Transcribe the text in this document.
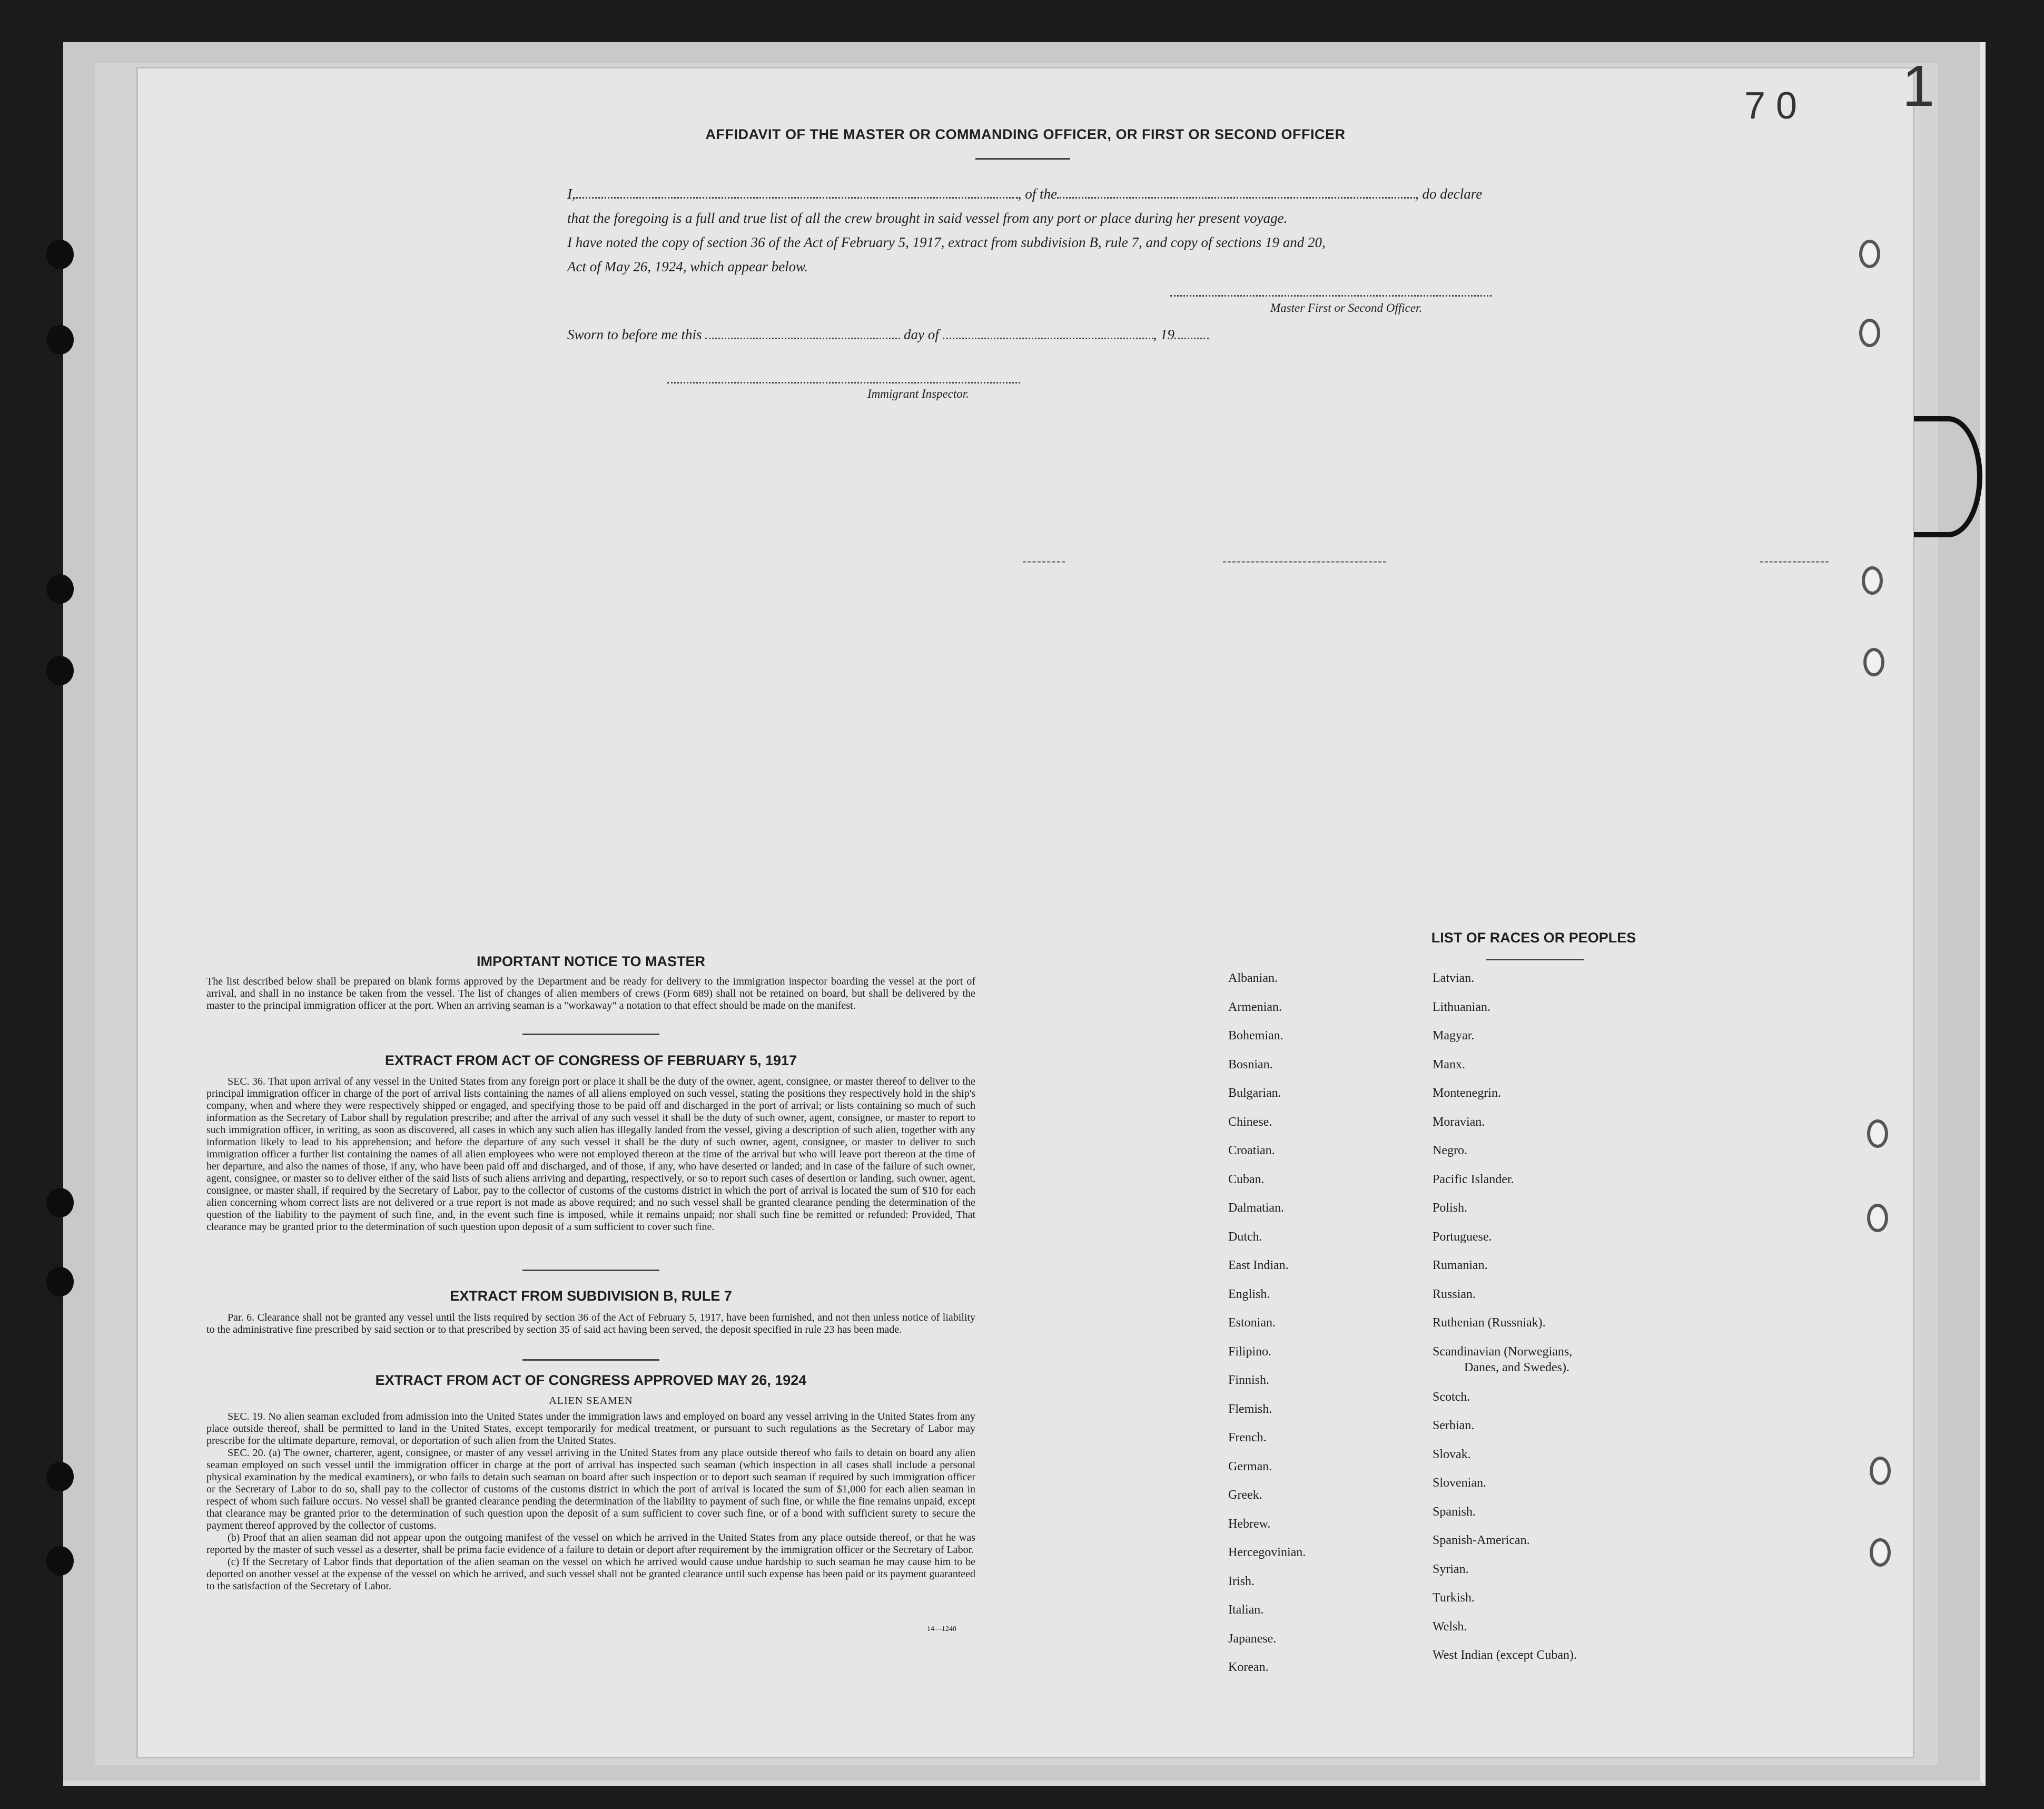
1
7 0
AFFIDAVIT OF THE MASTER OR COMMANDING OFFICER, OR FIRST OR SECOND OFFICER
I,	, of the	, do declare
that the foregoing is a full and true list of all the crew brought in said vessel from any port or place during her present voyage.
I have noted the copy of section 36 of the Act of February 5, 1917, extract from subdivision B, rule 7, and copy of sections 19 and 20,
Act of May 26, 1924, which appear below.
Master First or Second Officer.
Sworn to before me this	day of	, 19
Immigrant Inspector.
IMPORTANT NOTICE TO MASTER
The list described below shall be prepared on blank forms approved by the Department and be ready for delivery to the immigration inspector boarding the vessel at the port of arrival, and shall in no instance be taken from the vessel. The list of changes of alien members of crews (Form 689) shall not be retained on board, but shall be delivered by the master to the principal immigration officer at the port. When an arriving seaman is a "workaway" a notation to that effect should be made on the manifest.
EXTRACT FROM ACT OF CONGRESS OF FEBRUARY 5, 1917
SEC. 36. That upon arrival of any vessel in the United States from any foreign port or place it shall be the duty of the owner, agent, consignee, or master thereof to deliver to the principal immigration officer in charge of the port of arrival lists containing the names of all aliens employed on such vessel, stating the positions they respectively hold in the ship's company, when and where they were respectively shipped or engaged, and specifying those to be paid off and discharged in the port of arrival; or lists containing so much of such information as the Secretary of Labor shall by regulation prescribe; and after the arrival of any such vessel it shall be the duty of such owner, agent, consignee, or master to report to such immigration officer, in writing, as soon as discovered, all cases in which any such alien has illegally landed from the vessel, giving a description of such alien, together with any information likely to lead to his apprehension; and before the departure of any such vessel it shall be the duty of such owner, agent, consignee, or master to deliver to such immigration officer a further list containing the names of all alien employees who were not employed thereon at the time of the arrival but who will leave port thereon at the time of her departure, and also the names of those, if any, who have been paid off and discharged, and of those, if any, who have deserted or landed; and in case of the failure of such owner, agent, consignee, or master so to deliver either of the said lists of such aliens arriving and departing, respectively, or so to report such cases of desertion or landing, such owner, agent, consignee, or master shall, if required by the Secretary of Labor, pay to the collector of customs of the customs district in which the port of arrival is located the sum of $10 for each alien concerning whom correct lists are not delivered or a true report is not made as above required; and no such vessel shall be granted clearance pending the determination of the question of the liability to the payment of such fine, and, in the event such fine is imposed, while it remains unpaid; nor shall such fine be remitted or refunded: Provided, That clearance may be granted prior to the determination of such question upon deposit of a sum sufficient to cover such fine.
EXTRACT FROM SUBDIVISION B, RULE 7
Par. 6. Clearance shall not be granted any vessel until the lists required by section 36 of the Act of February 5, 1917, have been furnished, and not then unless notice of liability to the administrative fine prescribed by said section or to that prescribed by section 35 of said act having been served, the deposit specified in rule 23 has been made.
EXTRACT FROM ACT OF CONGRESS APPROVED MAY 26, 1924
ALIEN SEAMEN
SEC. 19. No alien seaman excluded from admission into the United States under the immigration laws and employed on board any vessel arriving in the United States from any place outside thereof, shall be permitted to land in the United States, except temporarily for medical treatment, or pursuant to such regulations as the Secretary of Labor may prescribe for the ultimate departure, removal, or deportation of such alien from the United States.
SEC. 20. (a) The owner, charterer, agent, consignee, or master of any vessel arriving in the United States from any place outside thereof who fails to detain on board any alien seaman employed on such vessel until the immigration officer in charge at the port of arrival has inspected such seaman (which inspection in all cases shall include a personal physical examination by the medical examiners), or who fails to detain such seaman on board after such inspection or to deport such seaman if required by such immigration officer or the Secretary of Labor to do so, shall pay to the collector of customs of the customs district in which the port of arrival is located the sum of $1,000 for each alien seaman in respect of whom such failure occurs. No vessel shall be granted clearance pending the determination of the liability to payment of such fine, or while the fine remains unpaid, except that clearance may be granted prior to the determination of such question upon the deposit of a sum sufficient to cover such fine, or of a bond with sufficient surety to secure the payment thereof approved by the collector of customs.
(b) Proof that an alien seaman did not appear upon the outgoing manifest of the vessel on which he arrived in the United States from any place outside thereof, or that he was reported by the master of such vessel as a deserter, shall be prima facie evidence of a failure to detain or deport after requirement by the immigration officer or the Secretary of Labor.
(c) If the Secretary of Labor finds that deportation of the alien seaman on the vessel on which he arrived would cause undue hardship to such seaman he may cause him to be deported on another vessel at the expense of the vessel on which he arrived, and such vessel shall not be granted clearance until such expense has been paid or its payment guaranteed to the satisfaction of the Secretary of Labor.
14—1240
LIST OF RACES OR PEOPLES
Albanian.
Armenian.
Bohemian.
Bosnian.
Bulgarian.
Chinese.
Croatian.
Cuban.
Dalmatian.
Dutch.
East Indian.
English.
Estonian.
Filipino.
Finnish.
Flemish.
French.
German.
Greek.
Hebrew.
Hercegovinian.
Irish.
Italian.
Japanese.
Korean.
Latvian.
Lithuanian.
Magyar.
Manx.
Montenegrin.
Moravian.
Negro.
Pacific Islander.
Polish.
Portuguese.
Rumanian.
Russian.
Ruthenian (Russniak).
Scandinavian (Norwegians,
Danes, and Swedes).
Scotch.
Serbian.
Slovak.
Slovenian.
Spanish.
Spanish-American.
Syrian.
Turkish.
Welsh.
West Indian (except Cuban).
